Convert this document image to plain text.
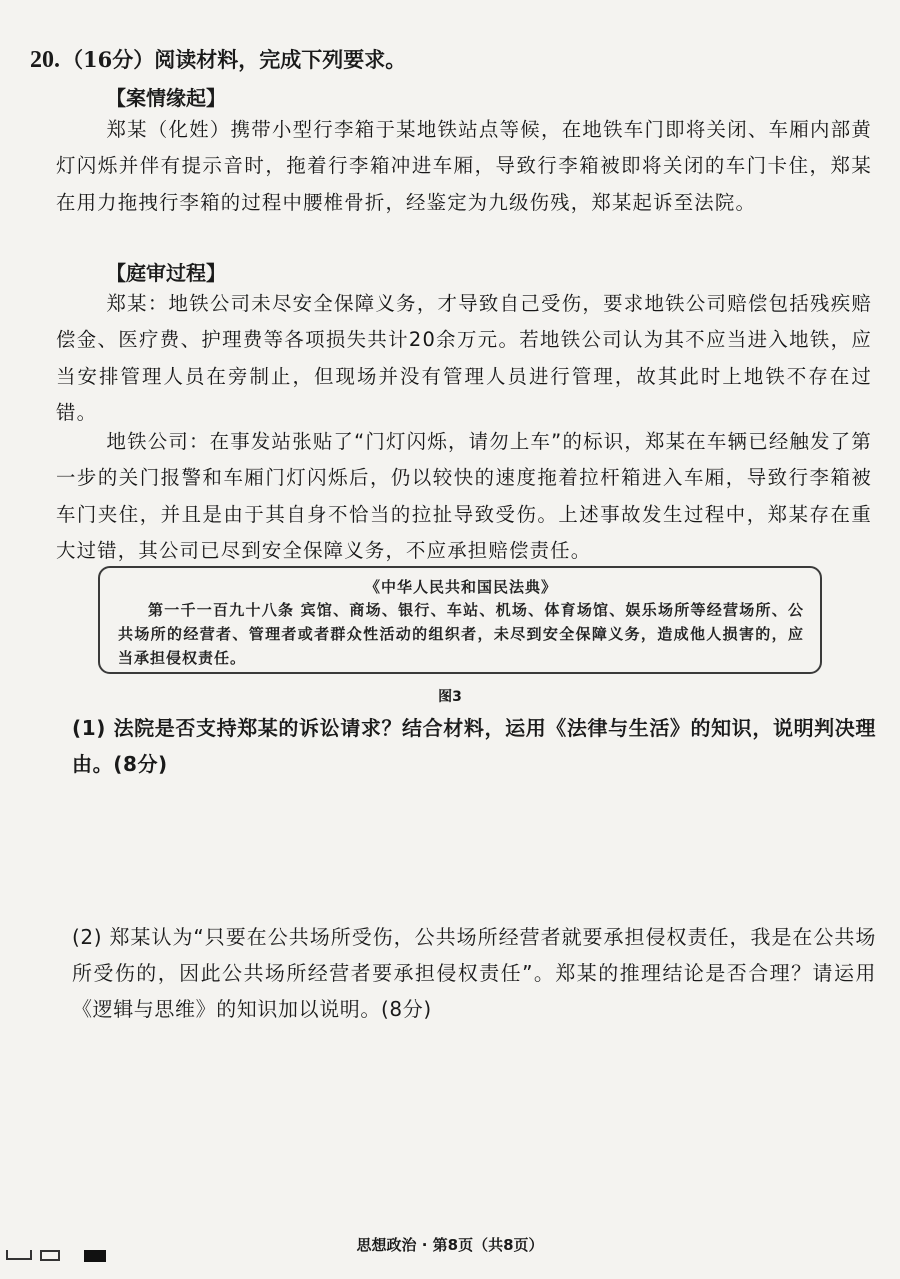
20.（16分）阅读材料，完成下列要求。
【案情缘起】
郑某（化姓）携带小型行李箱于某地铁站点等候，在地铁车门即将关闭、车厢内部黄灯闪烁并伴有提示音时，拖着行李箱冲进车厢，导致行李箱被即将关闭的车门卡住，郑某在用力拖拽行李箱的过程中腰椎骨折，经鉴定为九级伤残，郑某起诉至法院。
【庭审过程】
郑某：地铁公司未尽安全保障义务，才导致自己受伤，要求地铁公司赔偿包括残疾赔偿金、医疗费、护理费等各项损失共计20余万元。若地铁公司认为其不应当进入地铁，应当安排管理人员在旁制止，但现场并没有管理人员进行管理，故其此时上地铁不存在过错。
地铁公司：在事发站张贴了“门灯闪烁，请勿上车”的标识，郑某在车辆已经触发了第一步的关门报警和车厢门灯闪烁后，仍以较快的速度拖着拉杆箱进入车厢，导致行李箱被车门夹住，并且是由于其自身不恰当的拉扯导致受伤。上述事故发生过程中，郑某存在重大过错，其公司已尽到安全保障义务，不应承担赔偿责任。
《中华人民共和国民法典》
第一千一百九十八条 宾馆、商场、银行、车站、机场、体育场馆、娱乐场所等经营场所、公共场所的经营者、管理者或者群众性活动的组织者，未尽到安全保障义务，造成他人损害的，应当承担侵权责任。
图3
(1) 法院是否支持郑某的诉讼请求？结合材料，运用《法律与生活》的知识，说明判决理由。(8分)
(2) 郑某认为“只要在公共场所受伤，公共场所经营者就要承担侵权责任，我是在公共场所受伤的，因此公共场所经营者要承担侵权责任”。郑某的推理结论是否合理？请运用《逻辑与思维》的知识加以说明。(8分)
思想政治 · 第8页（共8页）
